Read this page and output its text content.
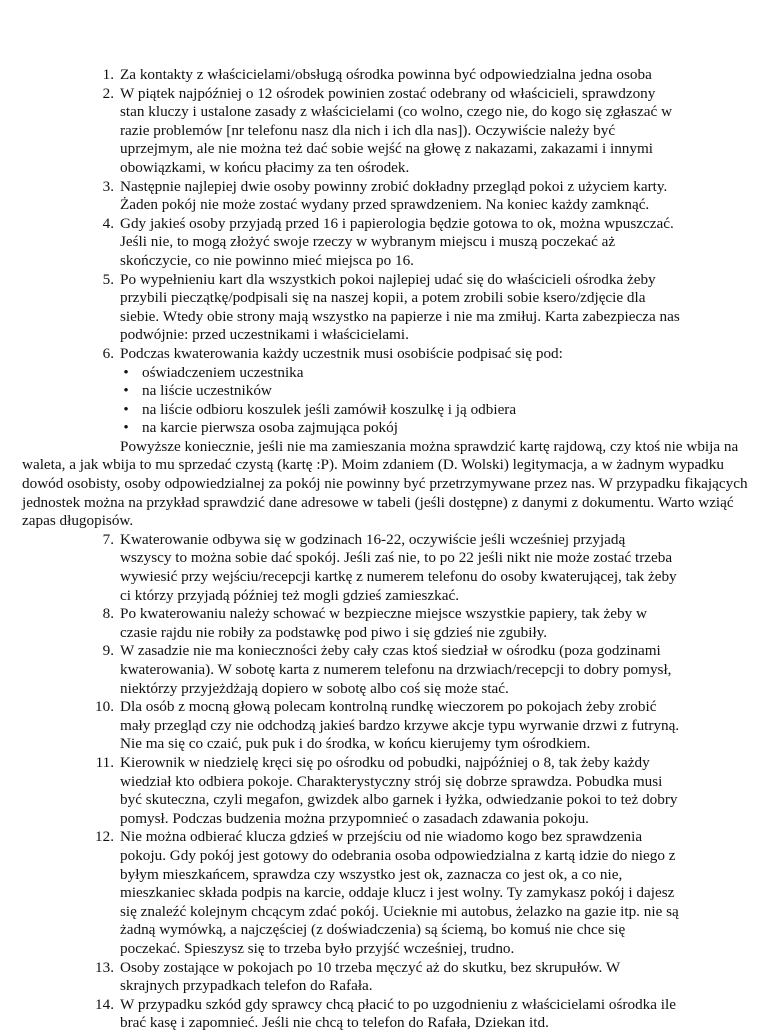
1. Za kontakty z właścicielami/obsługą ośrodka powinna być odpowiedzialna jedna osoba
2. W piątek najpóźniej o 12 ośrodek powinien zostać odebrany od właścicieli, sprawdzony stan kluczy i ustalone zasady z właścicielami (co wolno, czego nie, do kogo się zgłaszać w razie problemów [nr telefonu nasz dla nich i ich dla nas]). Oczywiście należy być uprzejmym, ale nie można też dać sobie wejść na głowę z nakazami, zakazami i innymi obowiązkami, w końcu płacimy za ten ośrodek.
3. Następnie najlepiej dwie osoby powinny zrobić dokładny przegląd pokoi z użyciem karty. Żaden pokój nie może zostać wydany przed sprawdzeniem. Na koniec każdy zamknąć.
4. Gdy jakieś osoby przyjadą przed 16 i papierologia będzie gotowa to ok, można wpuszczać. Jeśli nie, to mogą złożyć swoje rzeczy w wybranym miejscu i muszą poczekać aż skończycie, co nie powinno mieć miejsca po 16.
5. Po wypełnieniu kart dla wszystkich pokoi najlepiej udać się do właścicieli ośrodka żeby przybili pieczątkę/podpisali się na naszej kopii, a potem zrobili sobie ksero/zdjęcie dla siebie. Wtedy obie strony mają wszystko na papierze i nie ma zmiłuj. Karta zabezpiecza nas podwójnie: przed uczestnikami i właścicielami.
6. Podczas kwaterowania każdy uczestnik musi osobiście podpisać się pod:
• oświadczeniem uczestnika
• na liście uczestników
• na liście odbioru koszulek jeśli zamówił koszulkę i ją odbiera
• na karcie pierwsza osoba zajmująca pokój
Powyższe koniecznie, jeśli nie ma zamieszania można sprawdzić kartę rajdową, czy ktoś nie wbija na waleta, a jak wbija to mu sprzedać czystą (kartę :P). Moim zdaniem (D. Wolski) legitymacja, a w żadnym wypadku dowód osobisty, osoby odpowiedzialnej za pokój nie powinny być przetrzymywane przez nas. W przypadku fikających jednostek można na przykład sprawdzić dane adresowe w tabeli (jeśli dostępne) z danymi z dokumentu. Warto wziąć zapas długopisów.
7. Kwaterowanie odbywa się w godzinach 16-22, oczywiście jeśli wcześniej przyjadą wszyscy to można sobie dać spokój. Jeśli zaś nie, to po 22 jeśli nikt nie może zostać trzeba wywiesić przy wejściu/recepcji kartkę z numerem telefonu do osoby kwaterującej, tak żeby ci którzy przyjadą później też mogli gdzieś zamieszkać.
8. Po kwaterowaniu należy schować w bezpieczne miejsce wszystkie papiery, tak żeby w czasie rajdu nie robiły za podstawkę pod piwo i się gdzieś nie zgubiły.
9. W zasadzie nie ma konieczności żeby cały czas ktoś siedział w ośrodku (poza godzinami kwaterowania). W sobotę karta z numerem telefonu na drzwiach/recepcji to dobry pomysł, niektórzy przyjeżdżają dopiero w sobotę albo coś się może stać.
10. Dla osób z mocną głową polecam kontrolną rundkę wieczorem po pokojach żeby zrobić mały przegląd czy nie odchodzą jakieś bardzo krzywe akcje typu wyrwanie drzwi z futryną. Nie ma się co czaić, puk puk i do środka, w końcu kierujemy tym ośrodkiem.
11. Kierownik w niedzielę kręci się po ośrodku od pobudki, najpóźniej o 8, tak żeby każdy wiedział kto odbiera pokoje. Charakterystyczny strój się dobrze sprawdza. Pobudka musi być skuteczna, czyli megafon, gwizdek albo garnek i łyżka, odwiedzanie pokoi to też dobry pomysł. Podczas budzenia można przypomnieć o zasadach zdawania pokoju.
12. Nie można odbierać klucza gdzieś w przejściu od nie wiadomo kogo bez sprawdzenia pokoju. Gdy pokój jest gotowy do odebrania osoba odpowiedzialna z kartą idzie do niego z byłym mieszkańcem, sprawdza czy wszystko jest ok, zaznacza co jest ok, a co nie, mieszkaniec składa podpis na karcie, oddaje klucz i jest wolny. Ty zamykasz pokój i dajesz się znaleźć kolejnym chcącym zdać pokój. Ucieknie mi autobus, żelazko na gazie itp. nie są żadną wymówką, a najczęściej (z doświadczenia) są ściemą, bo komuś nie chce się poczekać. Spieszysz się to trzeba było przyjść wcześniej, trudno.
13. Osoby zostające w pokojach po 10 trzeba męczyć aż do skutku, bez skrupułów. W skrajnych przypadkach telefon do Rafała.
14. W przypadku szkód gdy sprawcy chcą płacić to po uzgodnieniu z właścicielami ośrodka ile brać kasę i zapomnieć. Jeśli nie chcą to telefon do Rafała, Dziekan itd.
